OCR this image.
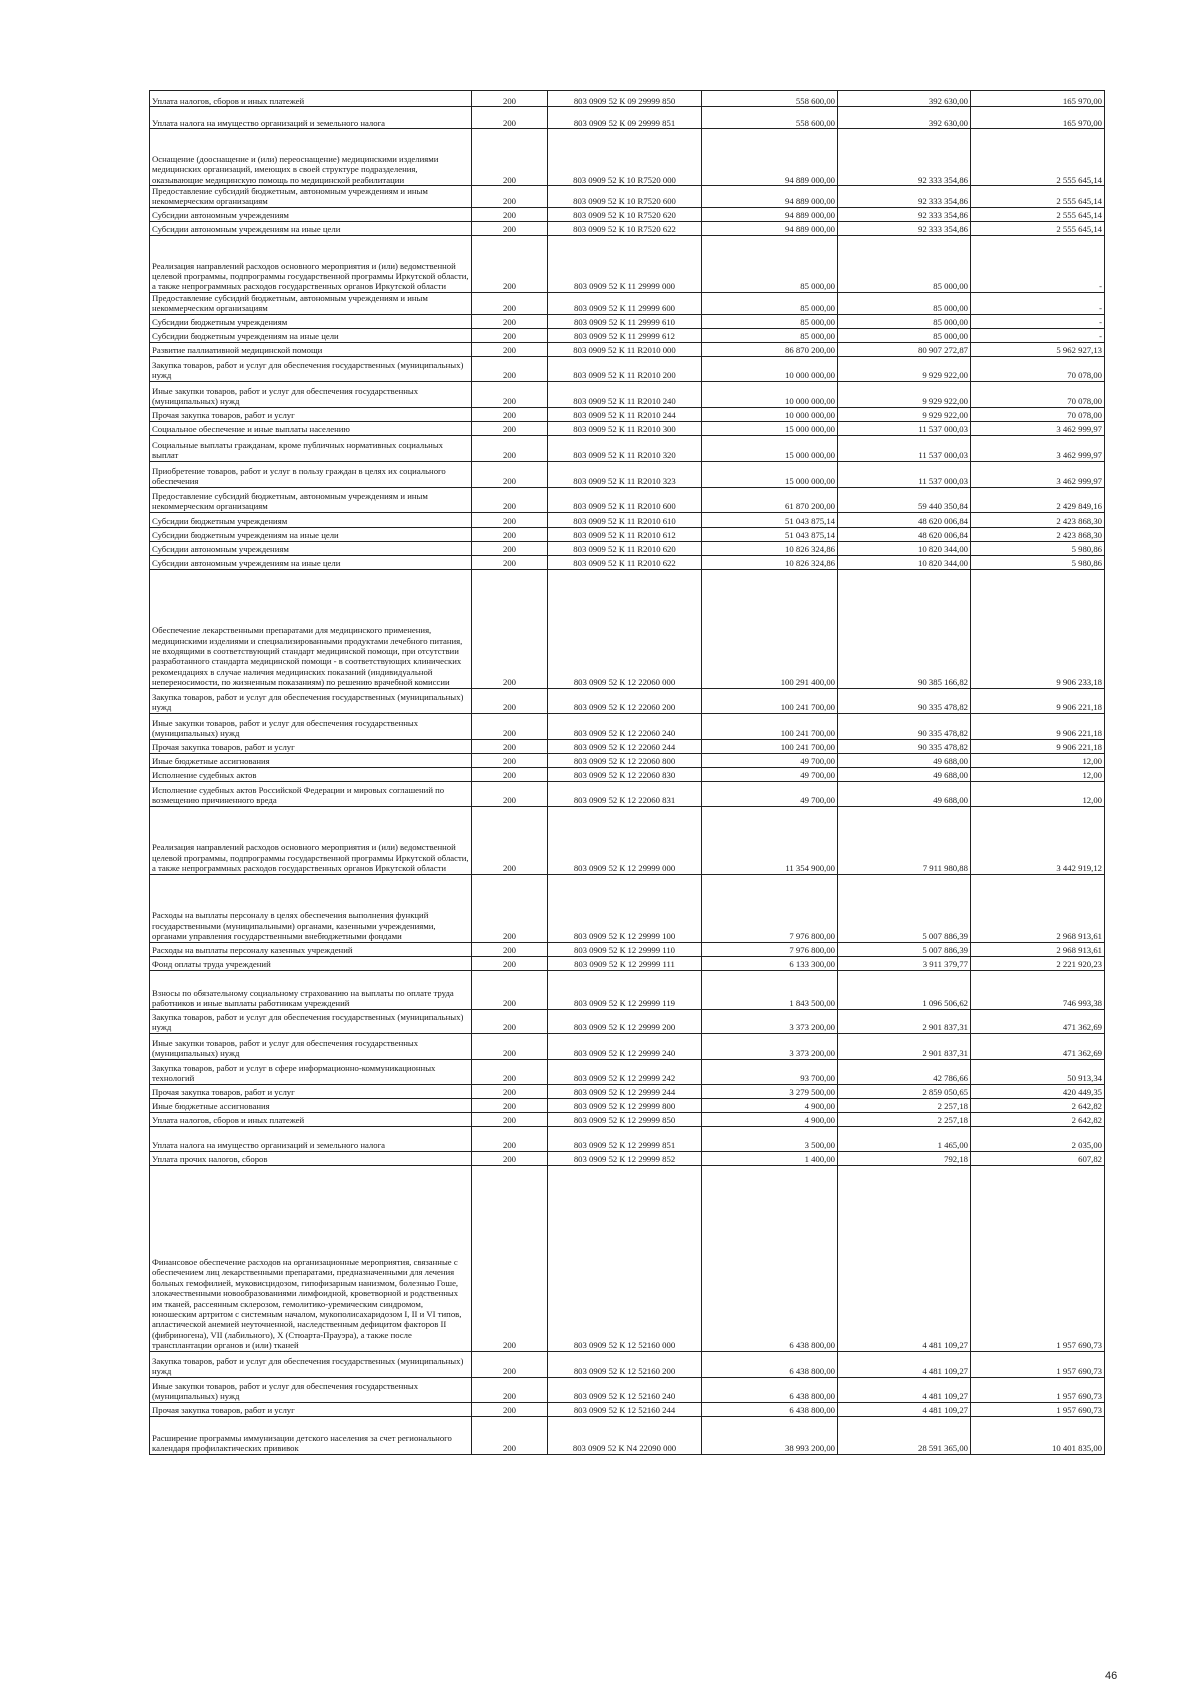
Уплата налогов, сборов и иных платежей	200	803 0909 52 К 09 29999 850	558 600,00	392 630,00	165 970,00
Уплата налога на имущество организаций и земельного налога	200	803 0909 52 К 09 29999 851	558 600,00	392 630,00	165 970,00
Оснащение (дооснащение и (или) переоснащение) медицинскими изделиями медицинских организаций, имеющих в своей структуре подразделения, оказывающие медицинскую помощь по медицинской реабилитации	200	803 0909 52 К 10 R7520 000	94 889 000,00	92 333 354,86	2 555 645,14
Предоставление субсидий бюджетным, автономным учреждениям и иным некоммерческим организациям	200	803 0909 52 К 10 R7520 600	94 889 000,00	92 333 354,86	2 555 645,14
Субсидии автономным учреждениям	200	803 0909 52 К 10 R7520 620	94 889 000,00	92 333 354,86	2 555 645,14
Субсидии автономным учреждениям на иные цели	200	803 0909 52 К 10 R7520 622	94 889 000,00	92 333 354,86	2 555 645,14
Реализация направлений расходов основного мероприятия и (или) ведомственной целевой программы, подпрограммы государственной программы Иркутской области, а также непрограммных расходов государственных органов Иркутской области	200	803 0909 52 К 11 29999 000	85 000,00	85 000,00	-
Предоставление субсидий бюджетным, автономным учреждениям и иным некоммерческим организациям	200	803 0909 52 К 11 29999 600	85 000,00	85 000,00	-
Субсидии бюджетным учреждениям	200	803 0909 52 К 11 29999 610	85 000,00	85 000,00	-
Субсидии бюджетным учреждениям на иные цели	200	803 0909 52 К 11 29999 612	85 000,00	85 000,00	-
Развитие паллиативной медицинской помощи	200	803 0909 52 К 11 R2010 000	86 870 200,00	80 907 272,87	5 962 927,13
Закупка товаров, работ и услуг для обеспечения государственных (муниципальных) нужд	200	803 0909 52 К 11 R2010 200	10 000 000,00	9 929 922,00	70 078,00
Иные закупки товаров, работ и услуг для обеспечения государственных (муниципальных) нужд	200	803 0909 52 К 11 R2010 240	10 000 000,00	9 929 922,00	70 078,00
Прочая закупка товаров, работ и услуг	200	803 0909 52 К 11 R2010 244	10 000 000,00	9 929 922,00	70 078,00
Социальное обеспечение и иные выплаты населению	200	803 0909 52 К 11 R2010 300	15 000 000,00	11 537 000,03	3 462 999,97
Социальные выплаты гражданам, кроме публичных нормативных социальных выплат	200	803 0909 52 К 11 R2010 320	15 000 000,00	11 537 000,03	3 462 999,97
Приобретение товаров, работ и услуг в пользу граждан в целях их социального обеспечения	200	803 0909 52 К 11 R2010 323	15 000 000,00	11 537 000,03	3 462 999,97
Предоставление субсидий бюджетным, автономным учреждениям и иным некоммерческим организациям	200	803 0909 52 К 11 R2010 600	61 870 200,00	59 440 350,84	2 429 849,16
Субсидии бюджетным учреждениям	200	803 0909 52 К 11 R2010 610	51 043 875,14	48 620 006,84	2 423 868,30
Субсидии бюджетным учреждениям на иные цели	200	803 0909 52 К 11 R2010 612	51 043 875,14	48 620 006,84	2 423 868,30
Субсидии автономным учреждениям	200	803 0909 52 К 11 R2010 620	10 826 324,86	10 820 344,00	5 980,86
Субсидии автономным учреждениям на иные цели	200	803 0909 52 К 11 R2010 622	10 826 324,86	10 820 344,00	5 980,86
Обеспечение лекарственными препаратами для медицинского применения, медицинскими изделиями и специализированными продуктами лечебного питания, не входящими в соответствующий стандарт медицинской помощи, при отсутствии разработанного стандарта медицинской помощи - в соответствующих клинических рекомендациях в случае наличия медицинских показаний (индивидуальной непереносимости, по жизненным показаниям) по решению врачебной комиссии	200	803 0909 52 К 12 22060 000	100 291 400,00	90 385 166,82	9 906 233,18
Закупка товаров, работ и услуг для обеспечения государственных (муниципальных) нужд	200	803 0909 52 К 12 22060 200	100 241 700,00	90 335 478,82	9 906 221,18
Иные закупки товаров, работ и услуг для обеспечения государственных (муниципальных) нужд	200	803 0909 52 К 12 22060 240	100 241 700,00	90 335 478,82	9 906 221,18
Прочая закупка товаров, работ и услуг	200	803 0909 52 К 12 22060 244	100 241 700,00	90 335 478,82	9 906 221,18
Иные бюджетные ассигнования	200	803 0909 52 К 12 22060 800	49 700,00	49 688,00	12,00
Исполнение судебных актов	200	803 0909 52 К 12 22060 830	49 700,00	49 688,00	12,00
Исполнение судебных актов Российской Федерации и мировых соглашений по возмещению причиненного вреда	200	803 0909 52 К 12 22060 831	49 700,00	49 688,00	12,00
Реализация направлений расходов основного мероприятия и (или) ведомственной целевой программы, подпрограммы государственной программы Иркутской области, а также непрограммных расходов государственных органов Иркутской области	200	803 0909 52 К 12 29999 000	11 354 900,00	7 911 980,88	3 442 919,12
Расходы на выплаты персоналу в целях обеспечения выполнения функций государственными (муниципальными) органами, казенными учреждениями, органами управления государственными внебюджетными фондами	200	803 0909 52 К 12 29999 100	7 976 800,00	5 007 886,39	2 968 913,61
Расходы на выплаты персоналу казенных учреждений	200	803 0909 52 К 12 29999 110	7 976 800,00	5 007 886,39	2 968 913,61
Фонд оплаты труда учреждений	200	803 0909 52 К 12 29999 111	6 133 300,00	3 911 379,77	2 221 920,23
Взносы по обязательному социальному страхованию на выплаты по оплате труда работников и иные выплаты работникам учреждений	200	803 0909 52 К 12 29999 119	1 843 500,00	1 096 506,62	746 993,38
Закупка товаров, работ и услуг для обеспечения государственных (муниципальных) нужд	200	803 0909 52 К 12 29999 200	3 373 200,00	2 901 837,31	471 362,69
Иные закупки товаров, работ и услуг для обеспечения государственных (муниципальных) нужд	200	803 0909 52 К 12 29999 240	3 373 200,00	2 901 837,31	471 362,69
Закупка товаров, работ и услуг в сфере информационно-коммуникационных технологий	200	803 0909 52 К 12 29999 242	93 700,00	42 786,66	50 913,34
Прочая закупка товаров, работ и услуг	200	803 0909 52 К 12 29999 244	3 279 500,00	2 859 050,65	420 449,35
Иные бюджетные ассигнования	200	803 0909 52 К 12 29999 800	4 900,00	2 257,18	2 642,82
Уплата налогов, сборов и иных платежей	200	803 0909 52 К 12 29999 850	4 900,00	2 257,18	2 642,82
Уплата налога на имущество организаций и земельного налога	200	803 0909 52 К 12 29999 851	3 500,00	1 465,00	2 035,00
Уплата прочих налогов, сборов	200	803 0909 52 К 12 29999 852	1 400,00	792,18	607,82
Финансовое обеспечение расходов на организационные мероприятия, связанные с обеспечением лиц лекарственными препаратами, предназначенными для лечения больных гемофилией, муковисцидозом, гипофизарным нанизмом, болезнью Гоше, злокачественными новообразованиями лимфоидной, кроветворной и родственных им тканей, рассеянным склерозом, гемолитико-уремическим синдромом, юношеским артритом с системным началом, мукополисахаридозом I, II и VI типов, апластической анемией неуточненной, наследственным дефицитом факторов II (фибриногена), VII (лабильного), X (Стюарта-Прауэра), а также после трансплантации органов и (или) тканей	200	803 0909 52 К 12 52160 000	6 438 800,00	4 481 109,27	1 957 690,73
Закупка товаров, работ и услуг для обеспечения государственных (муниципальных) нужд	200	803 0909 52 К 12 52160 200	6 438 800,00	4 481 109,27	1 957 690,73
Иные закупки товаров, работ и услуг для обеспечения государственных (муниципальных) нужд	200	803 0909 52 К 12 52160 240	6 438 800,00	4 481 109,27	1 957 690,73
Прочая закупка товаров, работ и услуг	200	803 0909 52 К 12 52160 244	6 438 800,00	4 481 109,27	1 957 690,73
Расширение программы иммунизации детского населения за счет регионального календаря профилактических прививок	200	803 0909 52 К N4 22090 000	38 993 200,00	28 591 365,00	10 401 835,00
46
